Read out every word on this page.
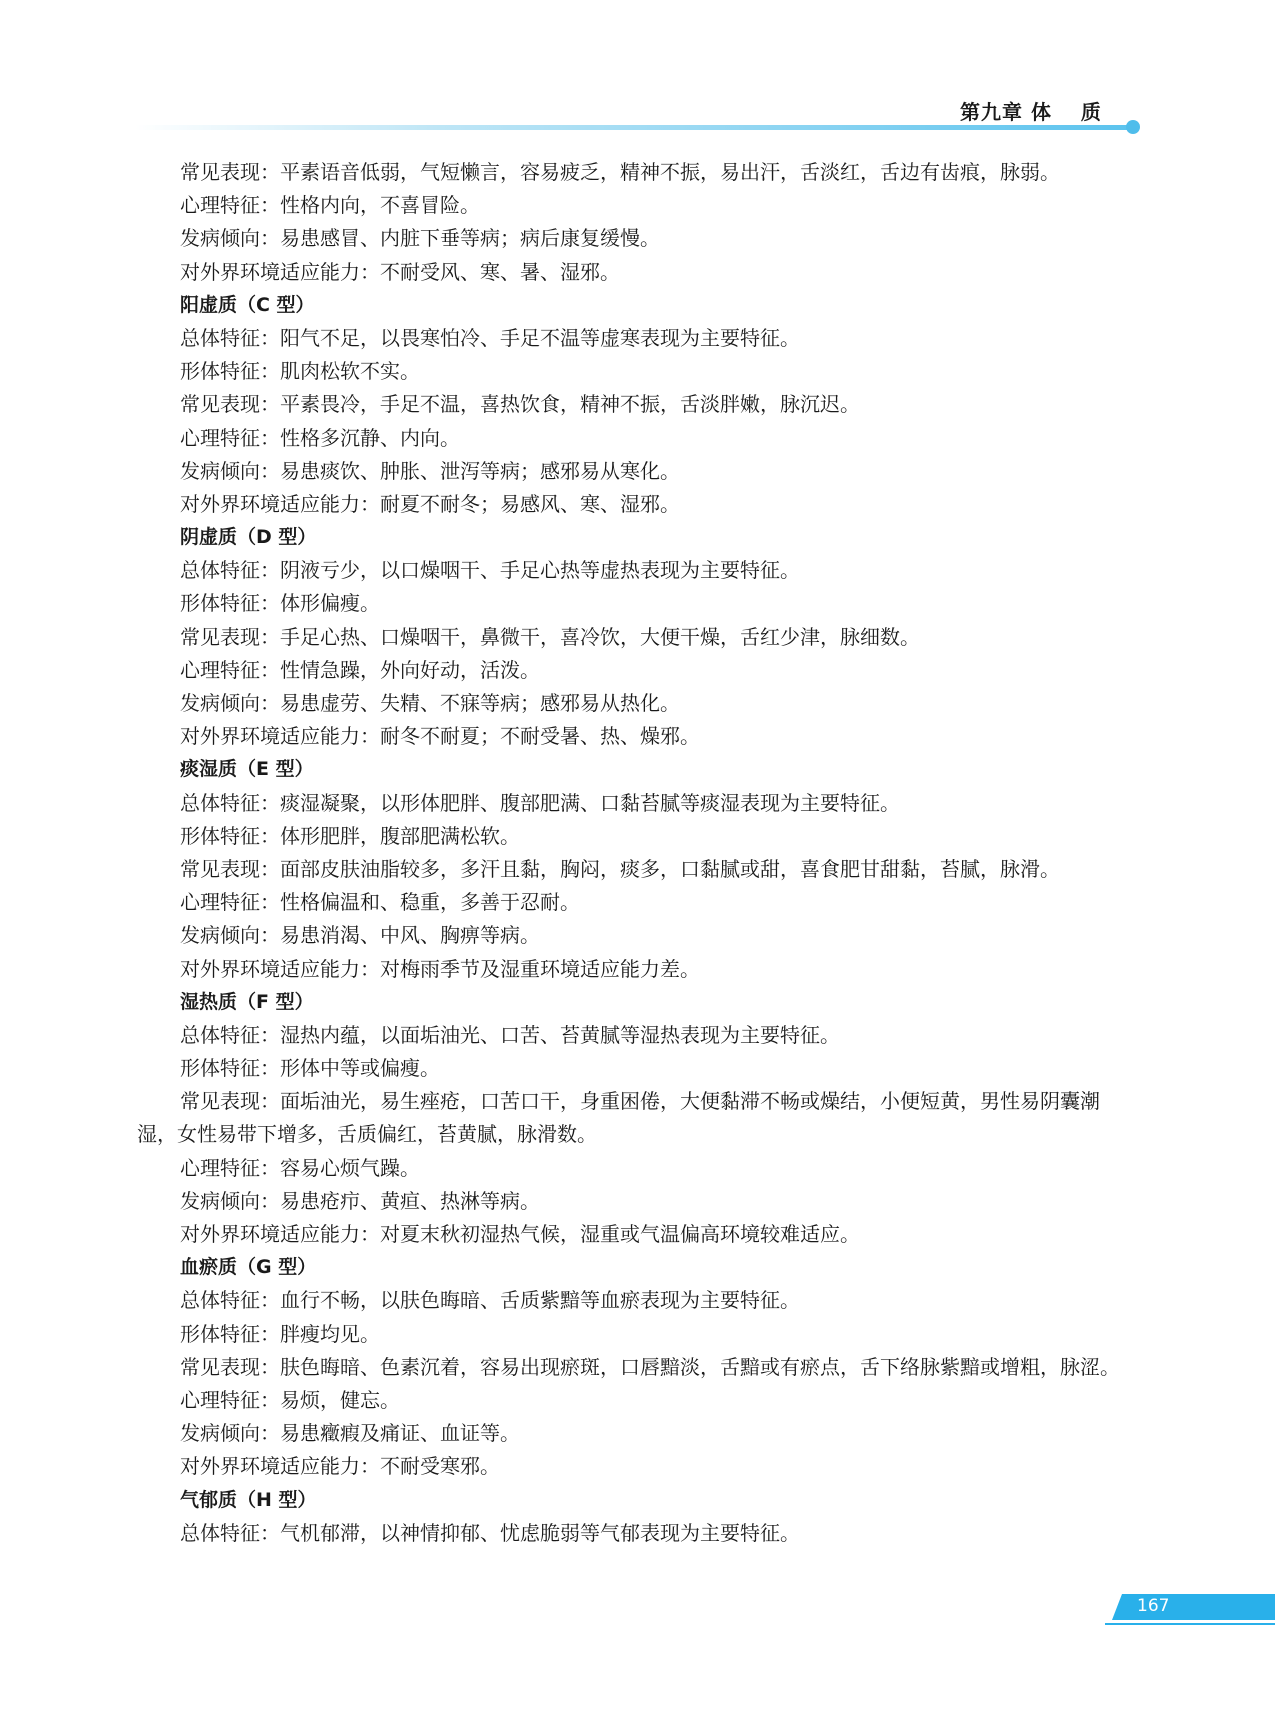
第九章 体　 质
常见表现：平素语音低弱，气短懒言，容易疲乏，精神不振，易出汗，舌淡红，舌边有齿痕，脉弱。
心理特征：性格内向，不喜冒险。
发病倾向：易患感冒、内脏下垂等病；病后康复缓慢。
对外界环境适应能力：不耐受风、寒、暑、湿邪。
阳虚质（C 型）
总体特征：阳气不足，以畏寒怕冷、手足不温等虚寒表现为主要特征。
形体特征：肌肉松软不实。
常见表现：平素畏冷，手足不温，喜热饮食，精神不振，舌淡胖嫩，脉沉迟。
心理特征：性格多沉静、内向。
发病倾向：易患痰饮、肿胀、泄泻等病；感邪易从寒化。
对外界环境适应能力：耐夏不耐冬；易感风、寒、湿邪。
阴虚质（D 型）
总体特征：阴液亏少，以口燥咽干、手足心热等虚热表现为主要特征。
形体特征：体形偏瘦。
常见表现：手足心热、口燥咽干，鼻微干，喜冷饮，大便干燥，舌红少津，脉细数。
心理特征：性情急躁，外向好动，活泼。
发病倾向：易患虚劳、失精、不寐等病；感邪易从热化。
对外界环境适应能力：耐冬不耐夏；不耐受暑、热、燥邪。
痰湿质（E 型）
总体特征：痰湿凝聚，以形体肥胖、腹部肥满、口黏苔腻等痰湿表现为主要特征。
形体特征：体形肥胖，腹部肥满松软。
常见表现：面部皮肤油脂较多，多汗且黏，胸闷，痰多，口黏腻或甜，喜食肥甘甜黏，苔腻，脉滑。
心理特征：性格偏温和、稳重，多善于忍耐。
发病倾向：易患消渴、中风、胸痹等病。
对外界环境适应能力：对梅雨季节及湿重环境适应能力差。
湿热质（F 型）
总体特征：湿热内蕴，以面垢油光、口苦、苔黄腻等湿热表现为主要特征。
形体特征：形体中等或偏瘦。
常见表现：面垢油光，易生痤疮，口苦口干，身重困倦，大便黏滞不畅或燥结，小便短黄，男性易阴囊潮湿，女性易带下增多，舌质偏红，苔黄腻，脉滑数。
心理特征：容易心烦气躁。
发病倾向：易患疮疖、黄疸、热淋等病。
对外界环境适应能力：对夏末秋初湿热气候，湿重或气温偏高环境较难适应。
血瘀质（G 型）
总体特征：血行不畅，以肤色晦暗、舌质紫黯等血瘀表现为主要特征。
形体特征：胖瘦均见。
常见表现：肤色晦暗、色素沉着，容易出现瘀斑，口唇黯淡，舌黯或有瘀点，舌下络脉紫黯或增粗，脉涩。
心理特征：易烦，健忘。
发病倾向：易患癥瘕及痛证、血证等。
对外界环境适应能力：不耐受寒邪。
气郁质（H 型）
总体特征：气机郁滞，以神情抑郁、忧虑脆弱等气郁表现为主要特征。
167
